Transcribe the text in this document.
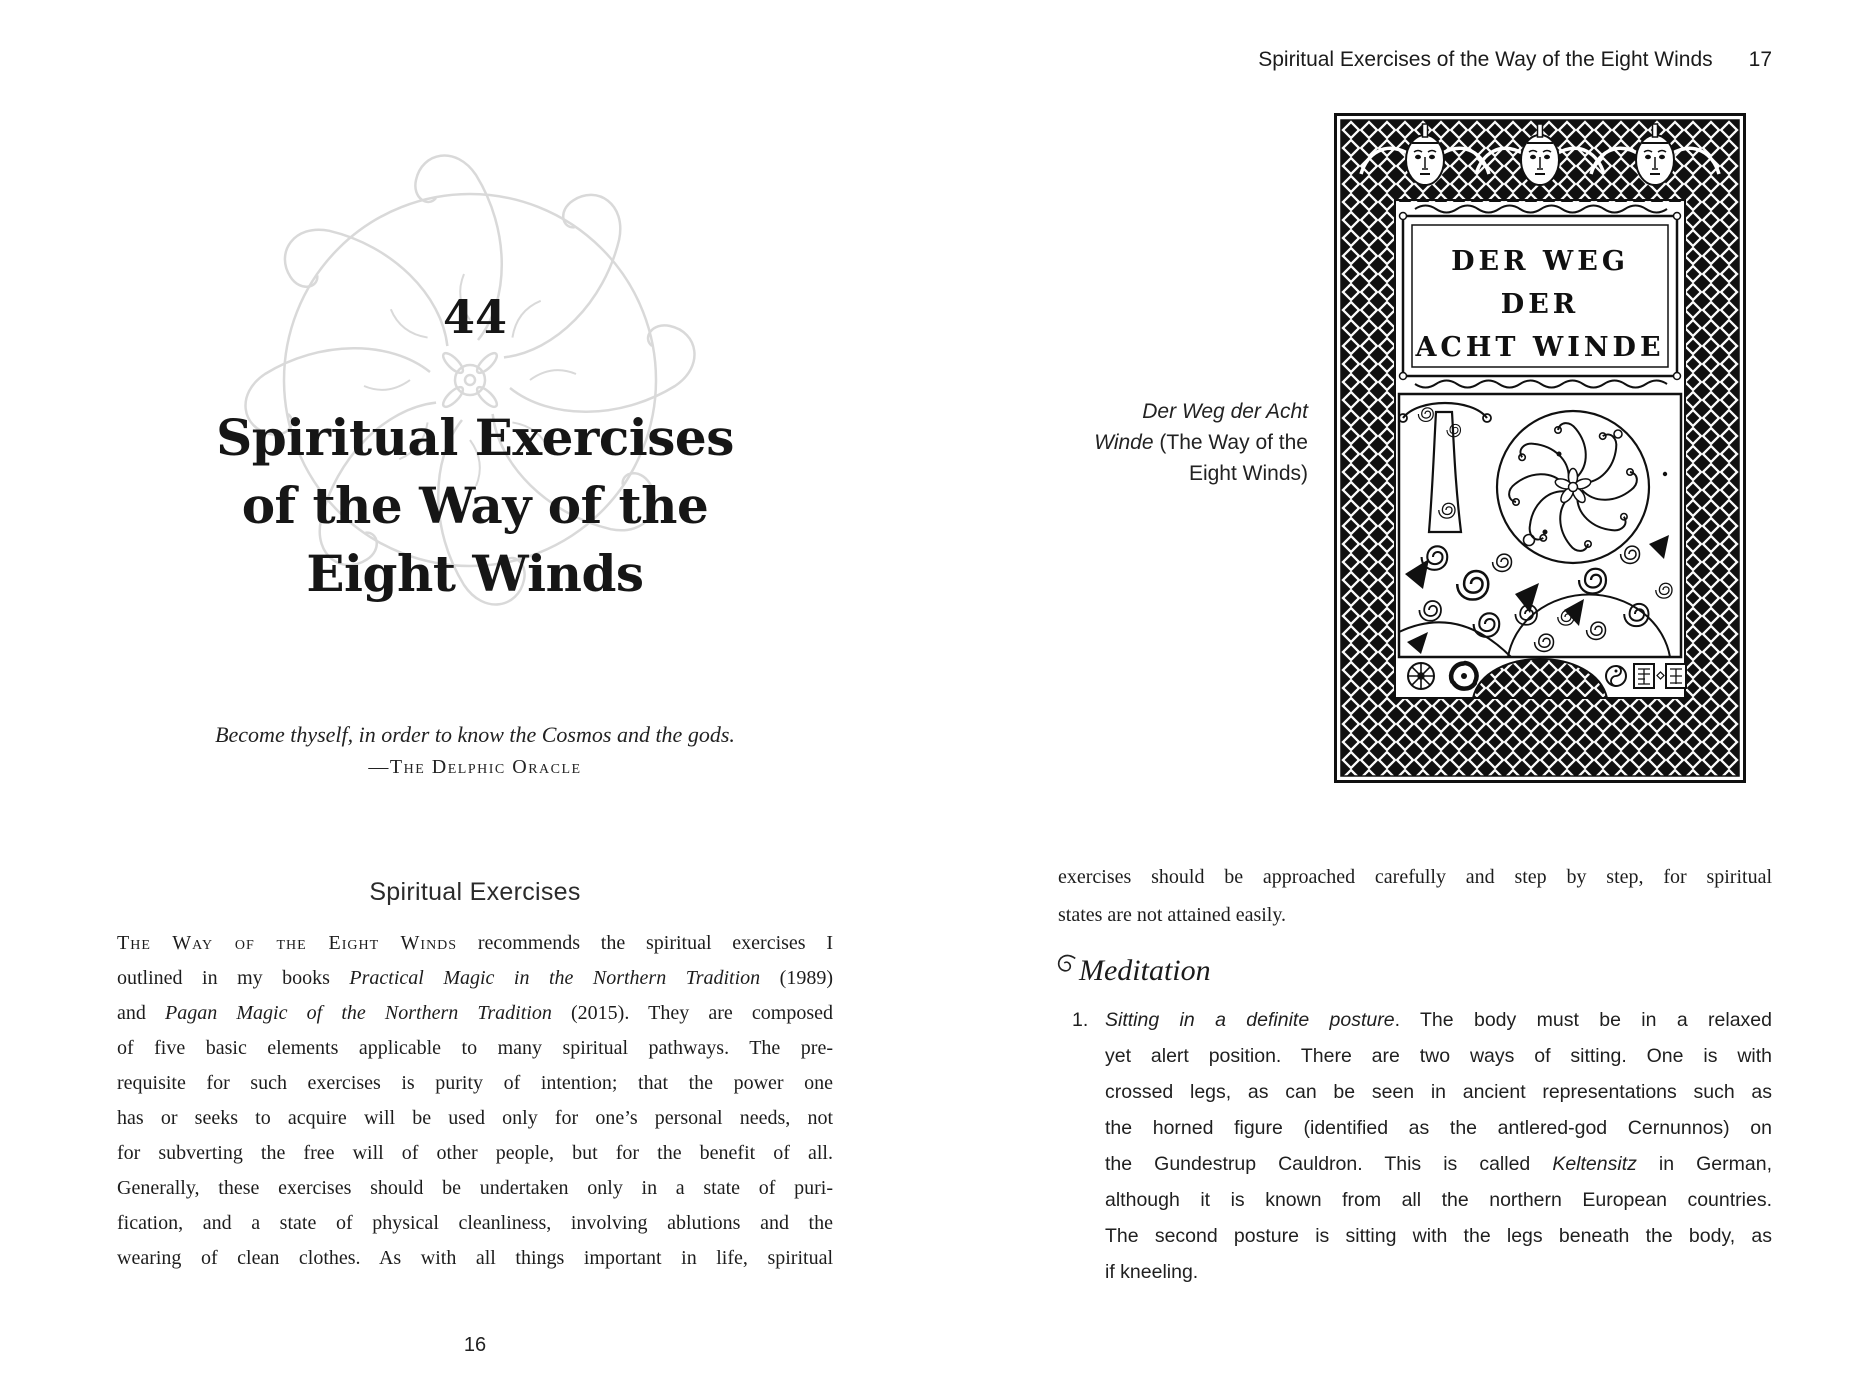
44
Spiritual Exercises
of the Way of the
Eight Winds
Become thyself, in order to know the Cosmos and the gods.
—The Delphic Oracle
Spiritual Exercises
The Way of the Eight Winds recommends the spiritual exercises I
outlined in my books Practical Magic in the Northern Tradition (1989)
and Pagan Magic of the Northern Tradition (2015). They are composed
of five basic elements applicable to many spiritual pathways. The pre-
requisite for such exercises is purity of intention; that the power one
has or seeks to acquire will be used only for one’s personal needs, not
for subverting the free will of other people, but for the benefit of all.
Generally, these exercises should be undertaken only in a state of puri-
fication, and a state of physical cleanliness, involving ablutions and the
wearing of clean clothes. As with all things important in life, spiritual
16
Spiritual Exercises of the Way of the Eight Winds 17
DER WEG
DER
ACHT WINDE
Der Weg der Acht
Winde (The Way of the
Eight Winds)
exercises should be approached carefully and step by step, for spiritual
states are not attained easily.
Meditation
1. Sitting in a definite posture. The body must be in a relaxed
yet alert position. There are two ways of sitting. One is with
crossed legs, as can be seen in ancient representations such as
the horned figure (identified as the antlered-god Cernunnos) on
the Gundestrup Cauldron. This is called Keltensitz in German,
although it is known from all the northern European countries.
The second posture is sitting with the legs beneath the body, as
if kneeling.
